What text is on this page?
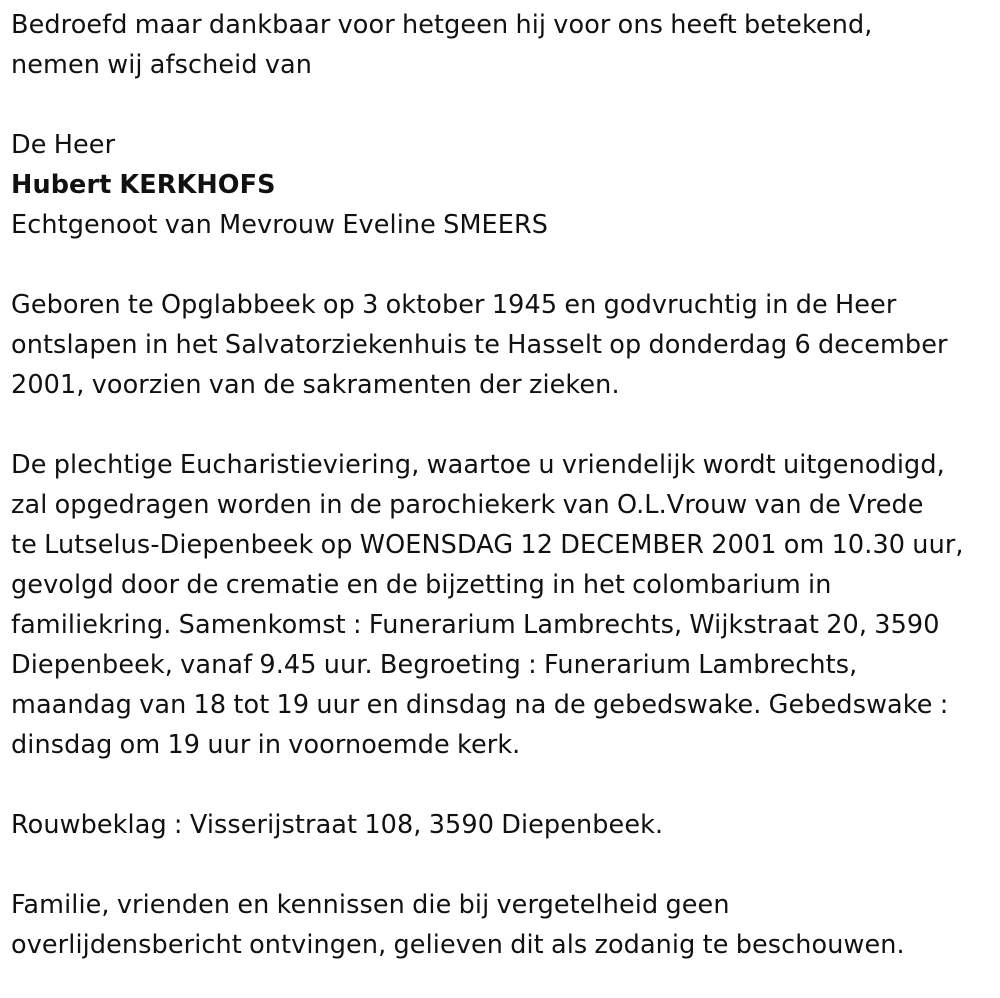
Bedroefd maar dankbaar voor hetgeen hij voor ons heeft betekend,
nemen wij afscheid van

De Heer

Hubert KERKHOFS

Echtgenoot van Mevrouw Eveline SMEERS

Geboren te Opglabbeek op 3 oktober 1945 en godvruchtig in de Heer
ontslapen in het Salvatorziekenhuis te Hasselt op donderdag 6 december
2001, voorzien van de sakramenten der zieken.

De plechtige Eucharistieviering, waartoe u vriendelijk wordt uitgenodigd,
zal opgedragen worden in de parochiekerk van O.L.Vrouw van de Vrede
te Lutselus-Diepenbeek op WOENSDAG 12 DECEMBER 2001 om 10.30 uur,
gevolgd door de crematie en de bijzetting in het colombarium in
familiekring. Samenkomst : Funerarium Lambrechts, Wijkstraat 20, 3590
Diepenbeek, vanaf 9.45 uur. Begroeting : Funerarium Lambrechts,
maandag van 18 tot 19 uur en dinsdag na de gebedswake. Gebedswake :
dinsdag om 19 uur in voornoemde kerk.

Rouwbeklag : Visserijstraat 108, 3590 Diepenbeek.

Familie, vrienden en kennissen die bij vergetelheid geen
overlijdensbericht ontvingen, gelieven dit als zodanig te beschouwen.
